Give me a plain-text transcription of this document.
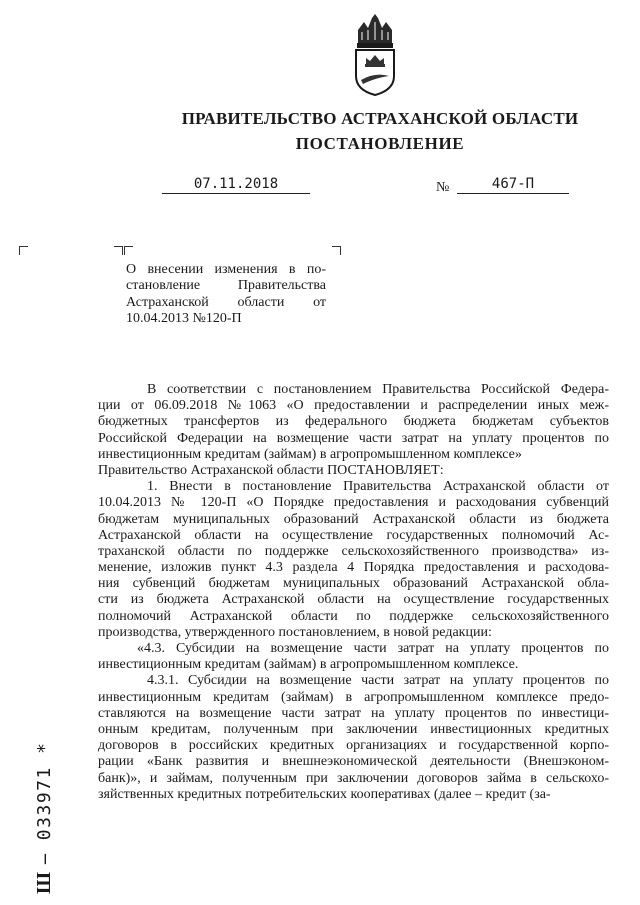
ПРАВИТЕЛЬСТВО АСТРАХАНСКОЙ ОБЛАСТИ
ПОСТАНОВЛЕНИЕ
07.11.2018	№	467-П
О внесении изменения в по-
становление Правительства
Астраханской области от
10.04.2013 №120-П
В соответствии с постановлением Правительства Российской Федера-
ции от 06.09.2018 №1063 «О предоставлении и распределении иных меж-
бюджетных трансфертов из федерального бюджета бюджетам субъектов
Российской Федерации на возмещение части затрат на уплату процентов по
инвестиционным кредитам (займам) в агропромышленном комплексе»
Правительство Астраханской области ПОСТАНОВЛЯЕТ:
1. Внести в постановление Правительства Астраханской области от
10.04.2013 № 120-П «О Порядке предоставления и расходования субвенций
бюджетам муниципальных образований Астраханской области из бюджета
Астраханской области на осуществление государственных полномочий Ас-
траханской области по поддержке сельскохозяйственного производства» из-
менение, изложив пункт 4.3 раздела 4 Порядка предоставления и расходова-
ния субвенций бюджетам муниципальных образований Астраханской обла-
сти из бюджета Астраханской области на осуществление государственных
полномочий Астраханской области по поддержке сельскохозяйственного
производства, утвержденного постановлением, в новой редакции:
«4.3. Субсидии на возмещение части затрат на уплату процентов по
инвестиционным кредитам (займам) в агропромышленном комплексе.
4.3.1. Субсидии на возмещение части затрат на уплату процентов по
инвестиционным кредитам (займам) в агропромышленном комплексе предо-
ставляются на возмещение части затрат на уплату процентов по инвестици-
онным кредитам, полученным при заключении инвестиционных кредитных
договоров в российских кредитных организациях и государственной корпо-
рации «Банк развития и внешнеэкономической деятельности (Внешэконом-
банк)», и займам, полученным при заключении договоров займа в сельскохо-
зяйственных кредитных потребительских кооперативах (далее – кредит (за-
Ш – 033971 *
